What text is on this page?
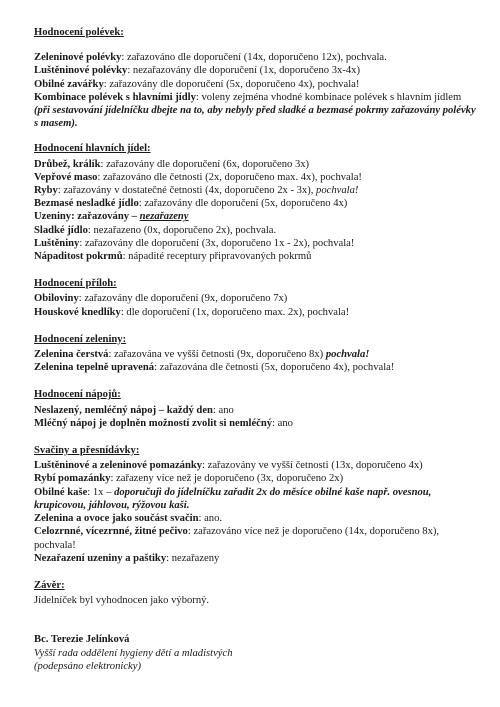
Hodnocení polévek:
Zeleninové polévky: zařazováno dle doporučení (14x, doporučeno 12x), pochvala.
Luštěninové polévky: nezařazovány dle doporučení (1x, doporučeno 3x-4x)
Obilné zavářky: zařazovány dle doporučení (5x, doporučeno 4x), pochvala!
Kombinace polévek s hlavními jídly: voleny zejména vhodné kombinace polévek s hlavním jídlem (při sestavování jídelníčku dbejte na to, aby nebyly před sladké a bezmasé pokrmy zařazovány polévky s masem).
Hodnocení hlavních jídel:
Drůbež, králík: zařazovány dle doporučení (6x, doporučeno 3x)
Vepřové maso: zařazováno dle četnosti (2x, doporučeno max. 4x), pochvala!
Ryby: zařazovány v dostatečné četnosti (4x, doporučeno 2x - 3x), pochvala!
Bezmasé nesladké jídlo: zařazovány dle doporučení (5x, doporučeno 4x)
Uzeniny: zařazovány – nezařazeny
Sladké jídlo: nezařazeno (0x, doporučeno 2x), pochvala.
Luštěniny: zařazovány dle doporučení (3x, doporučeno 1x - 2x), pochvala!
Nápaditost pokrmů: nápadité receptury připravovaných pokrmů
Hodnocení příloh:
Obiloviny: zařazovány dle doporučení (9x, doporučeno 7x)
Houskové knedlíky: dle doporučení (1x, doporučeno max. 2x), pochvala!
Hodnocení zeleniny:
Zelenina čerstvá: zařazována ve vyšší četnosti (9x, doporučeno 8x) pochvala!
Zelenina tepelně upravená: zařazována dle četnosti (5x, doporučeno 4x), pochvala!
Hodnocení nápojů:
Neslazený, nemléčný nápoj – každý den: ano
Mléčný nápoj je doplněn možností zvolit si nemléčný: ano
Svačiny a přesnídávky:
Luštěninové a zeleninové pomazánky: zařazovány ve vyšší četnosti (13x, doporučeno 4x)
Rybí pomazánky: zařazeny více než je doporučeno (3x, doporučeno 2x)
Obilné kaše: 1x – doporučujì do jídelníčku zařadit 2x do měsíce obilné kaše např. ovesnou, krupicovou, jáhlovou, rýžovou kaši.
Zelenina a ovoce jako součást svačin: ano.
Celozrnné, vícezrnné, žitné pečivo: zařazováno více než je doporučeno (14x, doporučeno 8x), pochvala!
Nezařazení uzeniny a paštiky: nezařazeny
Závěr:
Jídelníček byl vyhodnocen jako výborný.
Bc. Terezie Jelínková
Vyšší rada oddělení hygieny dětí a mladistvých
(podepsáno elektronicky)
